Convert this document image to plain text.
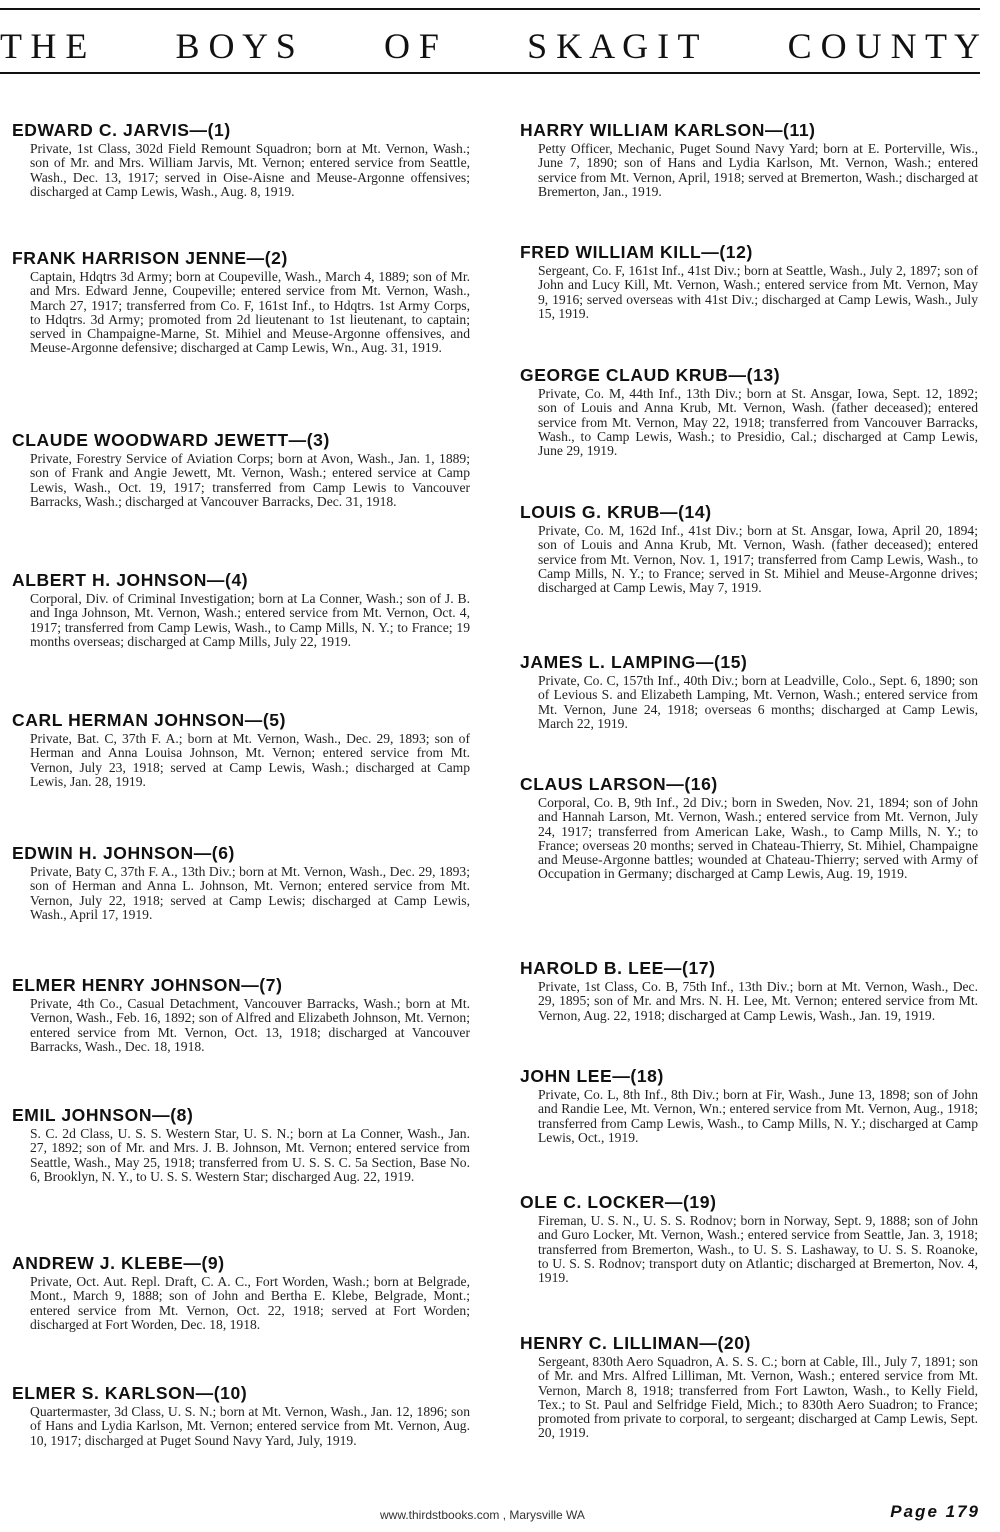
T H E B O Y S O F S K A G I T C O U N T Y
EDWARD C. JARVIS—(1)

Private, 1st Class, 302d Field Remount Squadron; born at Mt. Vernon, Wash.; son of Mr. and Mrs. William Jarvis, Mt. Vernon; entered service from Seattle, Wash., Dec. 13, 1917; served in Oise-Aisne and Meuse-Argonne offensives; discharged at Camp Lewis, Wash., Aug. 8, 1919.

FRANK HARRISON JENNE—(2)

Captain, Hdqtrs 3d Army; born at Coupeville, Wash., March 4, 1889; son of Mr. and Mrs. Edward Jenne, Coupeville; entered service from Mt. Vernon, Wash., March 27, 1917; transferred from Co. F, 161st Inf., to Hdqtrs. 1st Army Corps, to Hdqtrs. 3d Army; promoted from 2d lieutenant to 1st lieutenant, to captain; served in Champaigne-Marne, St. Mihiel and Meuse-Argonne offensives, and Meuse-Argonne defensive; discharged at Camp Lewis, Wn., Aug. 31, 1919.

CLAUDE WOODWARD JEWETT—(3)

Private, Forestry Service of Aviation Corps; born at Avon, Wash., Jan. 1, 1889; son of Frank and Angie Jewett, Mt. Vernon, Wash.; entered service at Camp Lewis, Wash., Oct. 19, 1917; transferred from Camp Lewis to Vancouver Barracks, Wash.; discharged at Vancouver Barracks, Dec. 31, 1918.

ALBERT H. JOHNSON—(4)

Corporal, Div. of Criminal Investigation; born at La Conner, Wash.; son of J. B. and Inga Johnson, Mt. Vernon, Wash.; entered service from Mt. Vernon, Oct. 4, 1917; transferred from Camp Lewis, Wash., to Camp Mills, N. Y.; to France; 19 months overseas; discharged at Camp Mills, July 22, 1919.

CARL HERMAN JOHNSON—(5)

Private, Bat. C, 37th F. A.; born at Mt. Vernon, Wash., Dec. 29, 1893; son of Herman and Anna Louisa Johnson, Mt. Vernon; entered service from Mt. Vernon, July 23, 1918; served at Camp Lewis, Wash.; discharged at Camp Lewis, Jan. 28, 1919.

EDWIN H. JOHNSON—(6)

Private, Baty C, 37th F. A., 13th Div.; born at Mt. Vernon, Wash., Dec. 29, 1893; son of Herman and Anna L. Johnson, Mt. Vernon; entered service from Mt. Vernon, July 22, 1918; served at Camp Lewis; discharged at Camp Lewis, Wash., April 17, 1919.

ELMER HENRY JOHNSON—(7)

Private, 4th Co., Casual Detachment, Vancouver Barracks, Wash.; born at Mt. Vernon, Wash., Feb. 16, 1892; son of Alfred and Elizabeth Johnson, Mt. Vernon; entered service from Mt. Vernon, Oct. 13, 1918; discharged at Vancouver Barracks, Wash., Dec. 18, 1918.

EMIL JOHNSON—(8)

S. C. 2d Class, U. S. S. Western Star, U. S. N.; born at La Conner, Wash., Jan. 27, 1892; son of Mr. and Mrs. J. B. Johnson, Mt. Vernon; entered service from Seattle, Wash., May 25, 1918; transferred from U. S. S. C. 5a Section, Base No. 6, Brooklyn, N. Y., to U. S. S. Western Star; discharged Aug. 22, 1919.

ANDREW J. KLEBE—(9)

Private, Oct. Aut. Repl. Draft, C. A. C., Fort Worden, Wash.; born at Belgrade, Mont., March 9, 1888; son of John and Bertha E. Klebe, Belgrade, Mont.; entered service from Mt. Vernon, Oct. 22, 1918; served at Fort Worden; discharged at Fort Worden, Dec. 18, 1918.

ELMER S. KARLSON—(10)

Quartermaster, 3d Class, U. S. N.; born at Mt. Vernon, Wash., Jan. 12, 1896; son of Hans and Lydia Karlson, Mt. Vernon; entered service from Mt. Vernon, Aug. 10, 1917; discharged at Puget Sound Navy Yard, July, 1919.

HARRY WILLIAM KARLSON—(11)

Petty Officer, Mechanic, Puget Sound Navy Yard; born at E. Porterville, Wis., June 7, 1890; son of Hans and Lydia Karlson, Mt. Vernon, Wash.; entered service from Mt. Vernon, April, 1918; served at Bremerton, Wash.; discharged at Bremerton, Jan., 1919.

FRED WILLIAM KILL—(12)

Sergeant, Co. F, 161st Inf., 41st Div.; born at Seattle, Wash., July 2, 1897; son of John and Lucy Kill, Mt. Vernon, Wash.; entered service from Mt. Vernon, May 9, 1916; served overseas with 41st Div.; discharged at Camp Lewis, Wash., July 15, 1919.

GEORGE CLAUD KRUB—(13)

Private, Co. M, 44th Inf., 13th Div.; born at St. Ansgar, Iowa, Sept. 12, 1892; son of Louis and Anna Krub, Mt. Vernon, Wash. (father deceased); entered service from Mt. Vernon, May 22, 1918; transferred from Vancouver Barracks, Wash., to Camp Lewis, Wash.; to Presidio, Cal.; discharged at Camp Lewis, June 29, 1919.

LOUIS G. KRUB—(14)

Private, Co. M, 162d Inf., 41st Div.; born at St. Ansgar, Iowa, April 20, 1894; son of Louis and Anna Krub, Mt. Vernon, Wash. (father deceased); entered service from Mt. Vernon, Nov. 1, 1917; transferred from Camp Lewis, Wash., to Camp Mills, N. Y.; to France; served in St. Mihiel and Meuse-Argonne drives; discharged at Camp Lewis, May 7, 1919.

JAMES L. LAMPING—(15)

Private, Co. C, 157th Inf., 40th Div.; born at Leadville, Colo., Sept. 6, 1890; son of Levious S. and Elizabeth Lamping, Mt. Vernon, Wash.; entered service from Mt. Vernon, June 24, 1918; overseas 6 months; discharged at Camp Lewis, March 22, 1919.

CLAUS LARSON—(16)

Corporal, Co. B, 9th Inf., 2d Div.; born in Sweden, Nov. 21, 1894; son of John and Hannah Larson, Mt. Vernon, Wash.; entered service from Mt. Vernon, July 24, 1917; transferred from American Lake, Wash., to Camp Mills, N. Y.; to France; overseas 20 months; served in Chateau-Thierry, St. Mihiel, Champaigne and Meuse-Argonne battles; wounded at Chateau-Thierry; served with Army of Occupation in Germany; discharged at Camp Lewis, Aug. 19, 1919.

HAROLD B. LEE—(17)

Private, 1st Class, Co. B, 75th Inf., 13th Div.; born at Mt. Vernon, Wash., Dec. 29, 1895; son of Mr. and Mrs. N. H. Lee, Mt. Vernon; entered service from Mt. Vernon, Aug. 22, 1918; discharged at Camp Lewis, Wash., Jan. 19, 1919.

JOHN LEE—(18)

Private, Co. L, 8th Inf., 8th Div.; born at Fir, Wash., June 13, 1898; son of John and Randie Lee, Mt. Vernon, Wn.; entered service from Mt. Vernon, Aug., 1918; transferred from Camp Lewis, Wash., to Camp Mills, N. Y.; discharged at Camp Lewis, Oct., 1919.

OLE C. LOCKER—(19)

Fireman, U. S. N., U. S. S. Rodnov; born in Norway, Sept. 9, 1888; son of John and Guro Locker, Mt. Vernon, Wash.; entered service from Seattle, Jan. 3, 1918; transferred from Bremerton, Wash., to U. S. S. Lashaway, to U. S. S. Roanoke, to U. S. S. Rodnov; transport duty on Atlantic; discharged at Bremerton, Nov. 4, 1919.

HENRY C. LILLIMAN—(20)

Sergeant, 830th Aero Squadron, A. S. S. C.; born at Cable, Ill., July 7, 1891; son of Mr. and Mrs. Alfred Lilliman, Mt. Vernon, Wash.; entered service from Mt. Vernon, March 8, 1918; transferred from Fort Lawton, Wash., to Kelly Field, Tex.; to St. Paul and Selfridge Field, Mich.; to 830th Aero Suadron; to France; promoted from private to corporal, to sergeant; discharged at Camp Lewis, Sept. 20, 1919.

www.thirdstbooks.com , Marysville WA	Page 179
